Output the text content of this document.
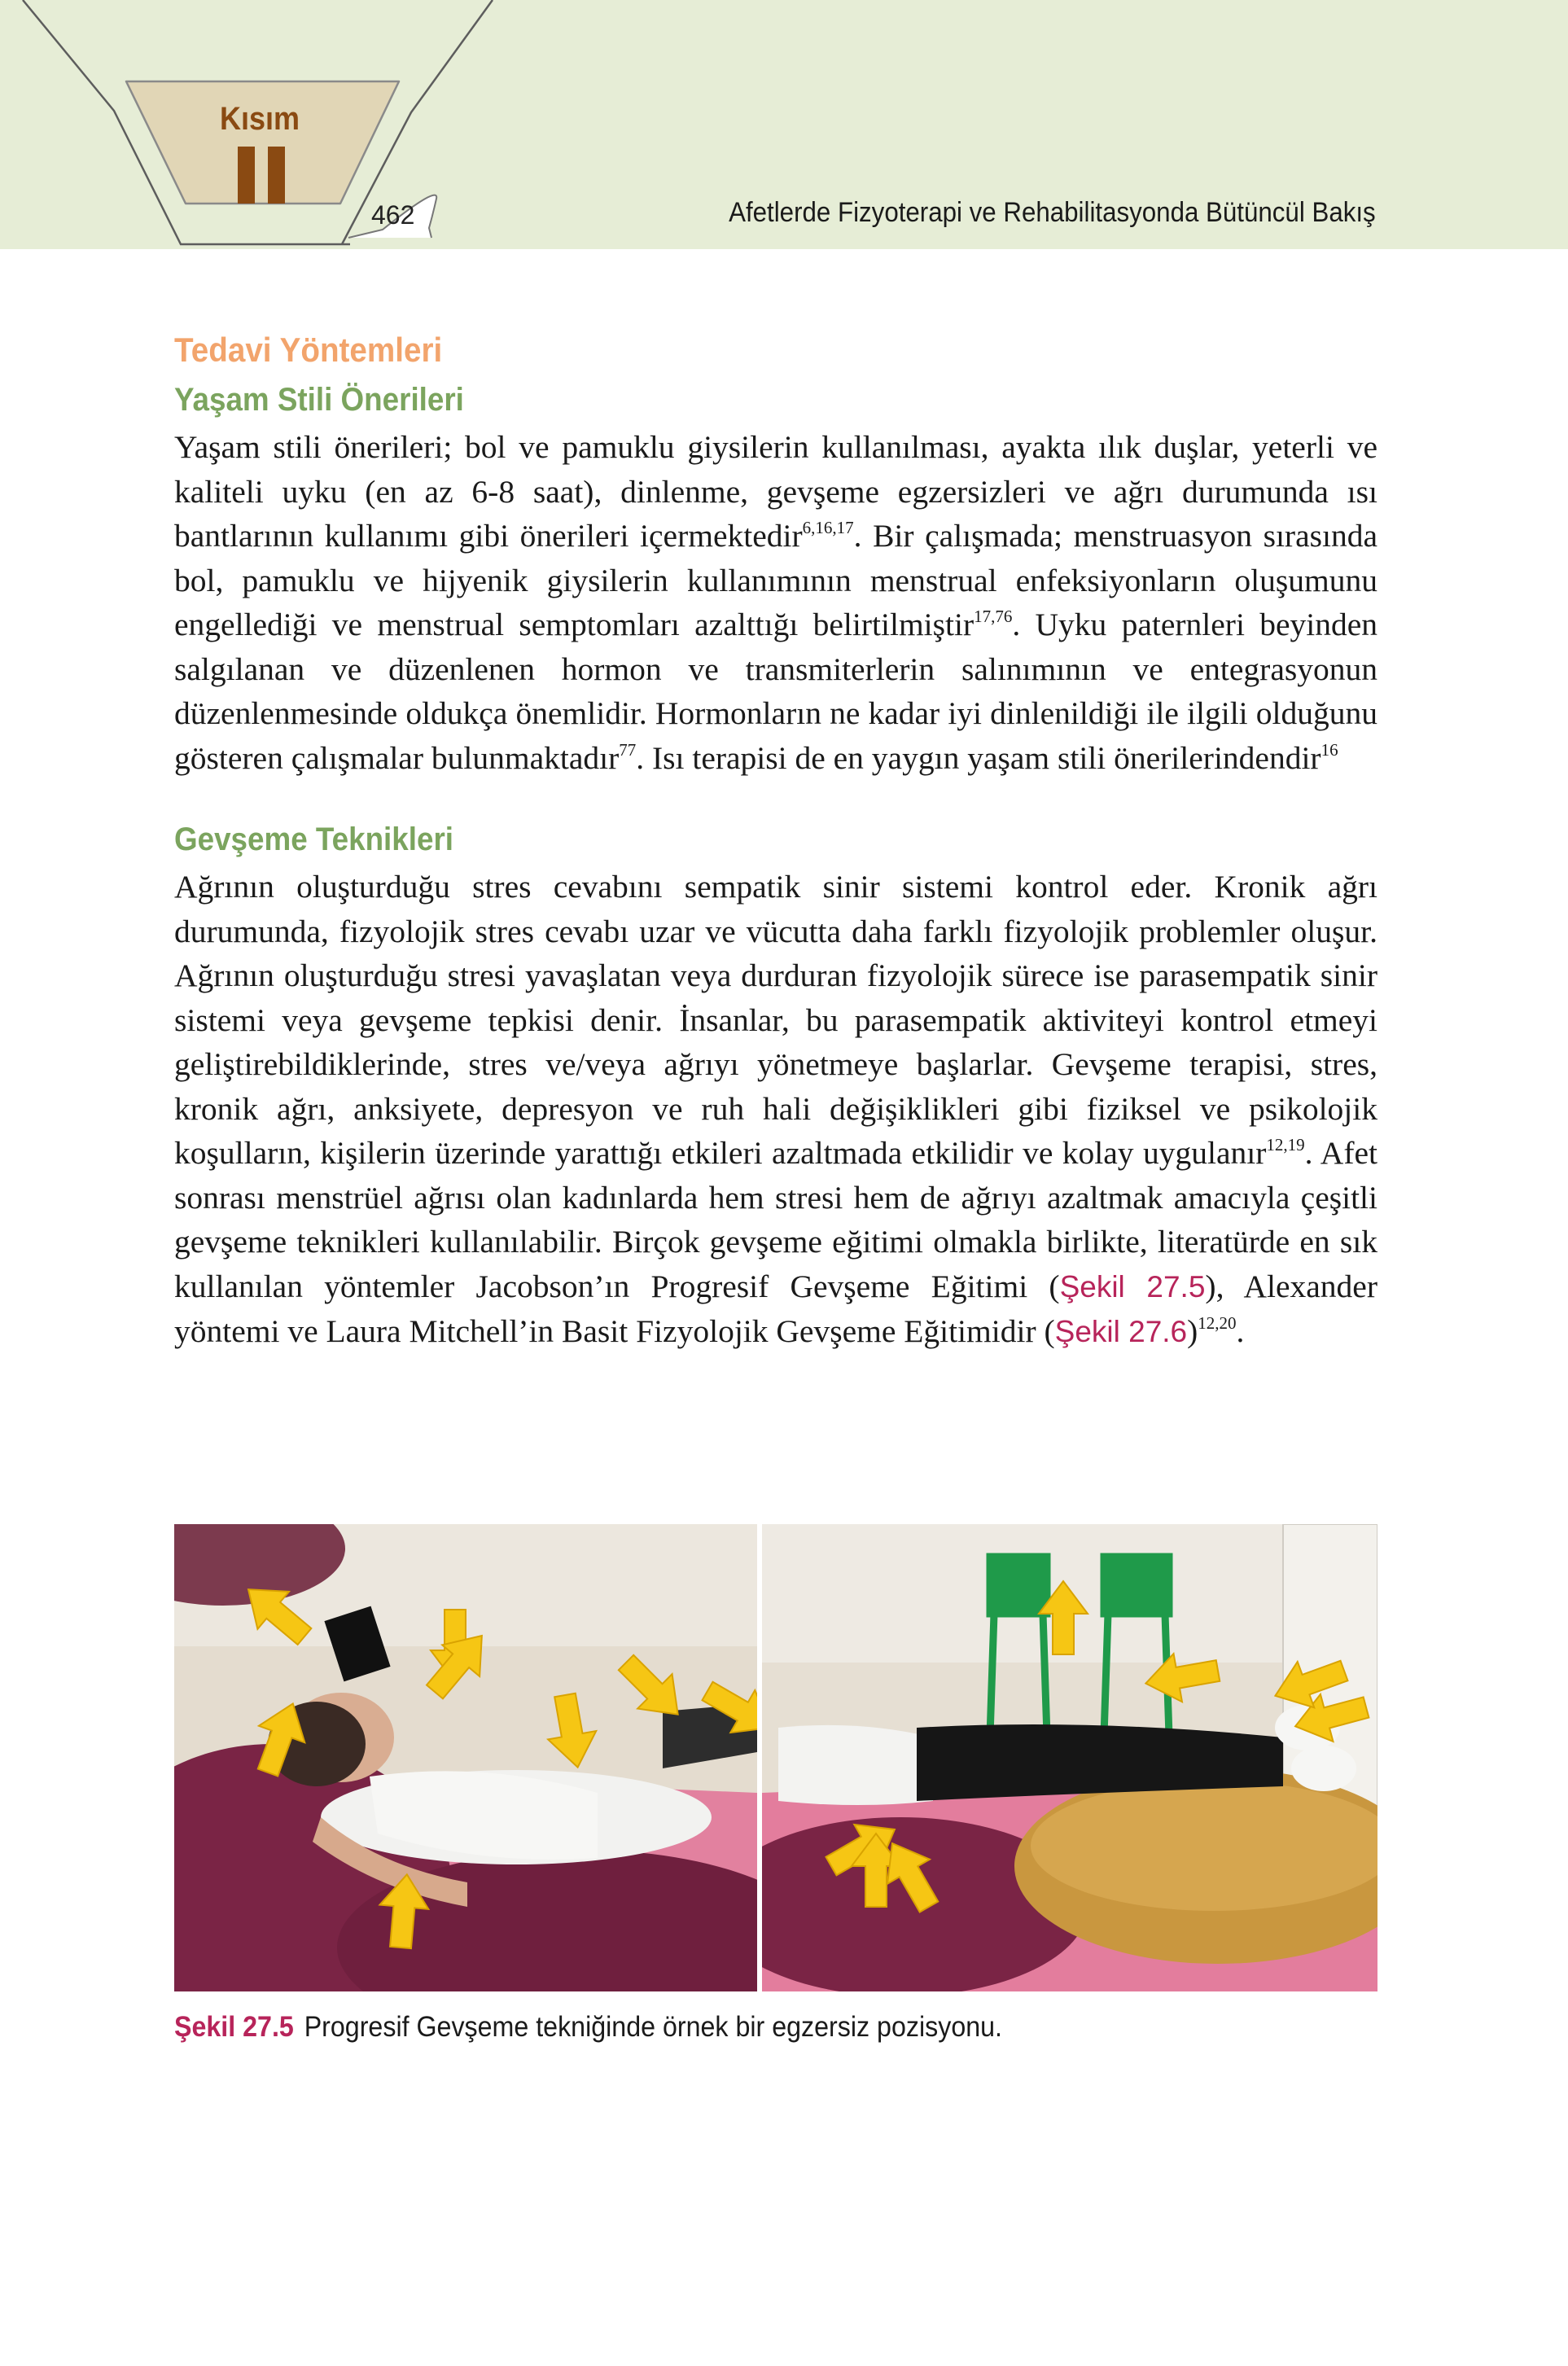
Kısım
462	Afetlerde Fizyoterapi ve Rehabilitasyonda Bütüncül Bakış
Tedavi Yöntemleri
Yaşam Stili Önerileri

Yaşam stili önerileri; bol ve pamuklu giysilerin kullanılması, ayakta ılık duşlar, yeterli ve kaliteli uyku (en az 6-8 saat), dinlenme, gevşeme egzersizleri ve ağrı durumunda ısı bantlarının kullanımı gibi önerileri içermektedir$^{6,16,17}$. Bir çalışmada; menstruasyon sırasında bol, pamuklu ve hijyenik giysilerin kullanımının menstrual enfeksiyonların oluşumunu engellediği ve menstrual semptomları azalttığı belirtilmiştir$^{17,76}$. Uyku paternleri beyinden salgılanan ve düzenlenen hormon ve transmiterlerin salınımının ve entegrasyonun düzenlenmesinde oldukça önemlidir. Hormonların ne kadar iyi dinlenildiği ile ilgili olduğunu gösteren çalışmalar bulunmaktadır$^{77}$. Isı terapisi de en yaygın yaşam stili önerilerindendir$^{16}$

Gevşeme Teknikleri

Ağrının oluşturduğu stres cevabını sempatik sinir sistemi kontrol eder. Kronik ağrı durumunda, fizyolojik stres cevabı uzar ve vücutta daha farklı fizyolojik problemler oluşur. Ağrının oluşturduğu stresi yavaşlatan veya durduran fizyolojik sürece ise parasempatik sinir sistemi veya gevşeme tepkisi denir. İnsanlar, bu parasempatik aktiviteyi kontrol etmeyi geliştirebildiklerinde, stres ve/veya ağrıyı yönetmeye başlarlar. Gevşeme terapisi, stres, kronik ağrı, anksiyete, depresyon ve ruh hali değişiklikleri gibi fiziksel ve psikolojik koşulların, kişilerin üzerinde yarattığı etkileri azaltmada etkilidir ve kolay uygulanır$^{12,19}$. Afet sonrası menstrüel ağrısı olan kadınlarda hem stresi hem de ağrıyı azaltmak amacıyla çeşitli gevşeme teknikleri kullanılabilir. Birçok gevşeme eğitimi olmakla birlikte, literatürde en sık kullanılan yöntemler Jacobson’ın Progresif Gevşeme Eğitimi (Şekil 27.5), Alexander yöntemi ve Laura Mitchell’in Basit Fizyolojik Gevşeme Eğitimidir (Şekil 27.6)$^{12,20}$.

Şekil 27.5 Progresif Gevşeme tekniğinde örnek bir egzersiz pozisyonu.
